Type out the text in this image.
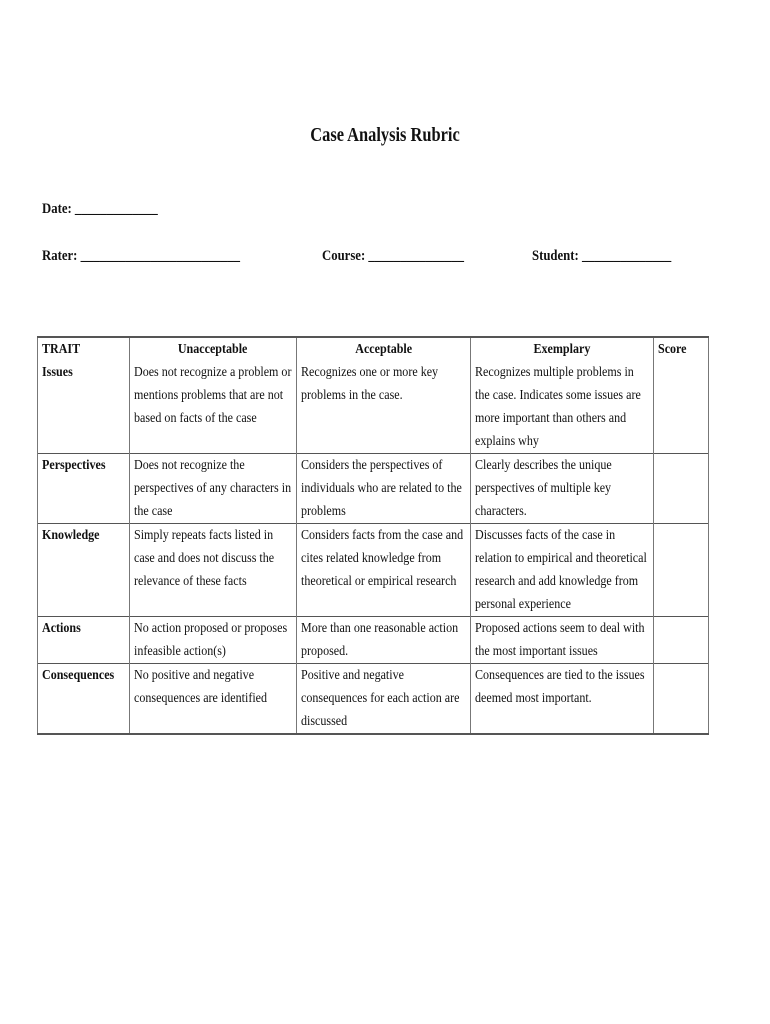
Case Analysis Rubric
Date: _____________
Rater: _________________________	Course: _______________	Student: ______________
TRAIT	Unacceptable	Acceptable	Exemplary	Score

Issues	Does not recognize a problem or mentions problems that are not based on facts of the case	Recognizes one or more key problems in the case.	Recognizes multiple problems in the case. Indicates some issues are more important than others and explains why	

Perspectives	Does not recognize the perspectives of any characters in the case	Considers the perspectives of individuals who are related to the problems	Clearly describes the unique perspectives of multiple key characters.	

Knowledge	Simply repeats facts listed in case and does not discuss the relevance of these facts	Considers facts from the case and cites related knowledge from theoretical or empirical research	Discusses facts of the case in relation to empirical and theoretical research and add knowledge from personal experience	

Actions	No action proposed or proposes infeasible action(s)	More than one reasonable action proposed.	Proposed actions seem to deal with the most important issues	

Consequences	No positive and negative consequences are identified	Positive and negative consequences for each action are discussed	Consequences are tied to the issues deemed most important.	
